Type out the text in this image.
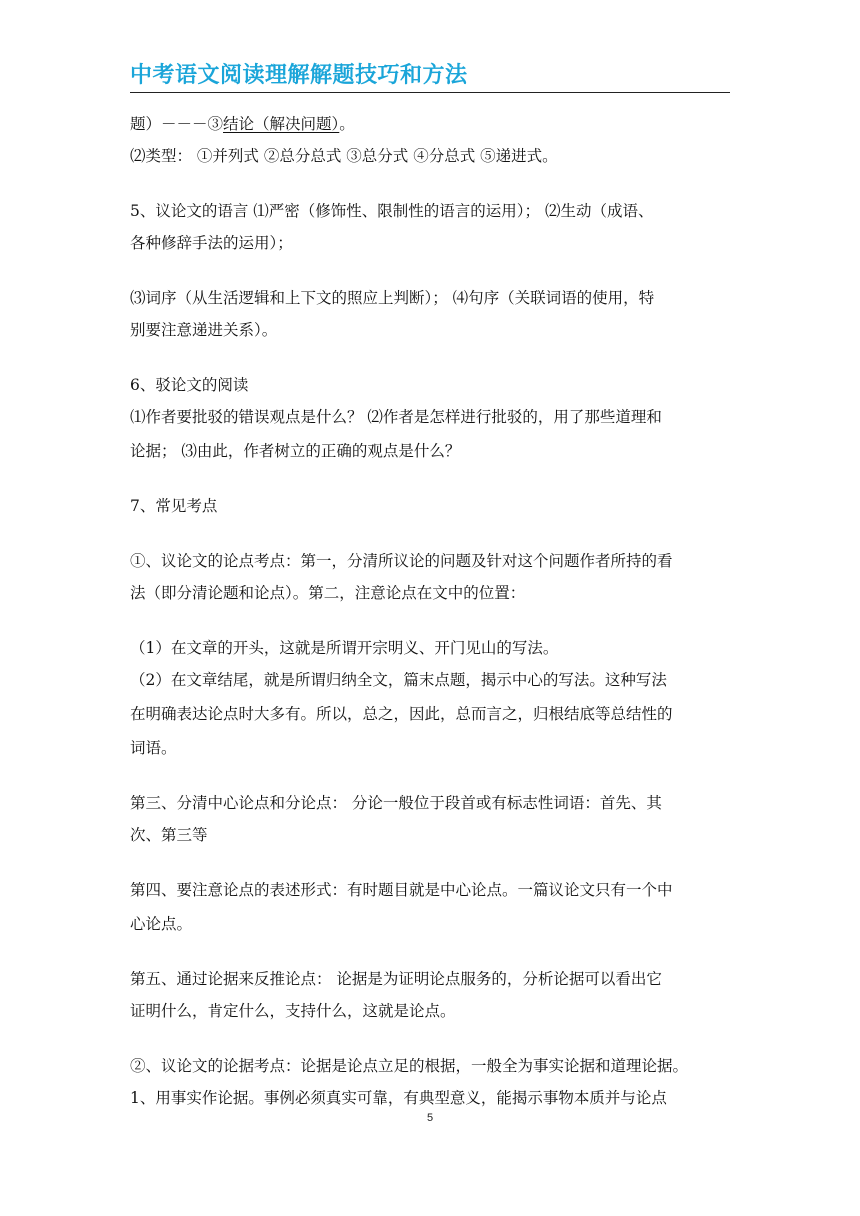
中考语文阅读理解解题技巧和方法
题）－－－③结论（解决问题）。
⑵类型： ①并列式 ②总分总式 ③总分式 ④分总式 ⑤递进式。
5、议论文的语言 ⑴严密（修饰性、限制性的语言的运用）； ⑵生动（成语、
各种修辞手法的运用）；
⑶词序（从生活逻辑和上下文的照应上判断）； ⑷句序（关联词语的使用，特
别要注意递进关系）。
6、驳论文的阅读
⑴作者要批驳的错误观点是什么？ ⑵作者是怎样进行批驳的，用了那些道理和
论据； ⑶由此，作者树立的正确的观点是什么？
7、常见考点
①、议论文的论点考点：第一，分清所议论的问题及针对这个问题作者所持的看
法（即分清论题和论点）。第二，注意论点在文中的位置：
（1）在文章的开头，这就是所谓开宗明义、开门见山的写法。
（2）在文章结尾，就是所谓归纳全文，篇末点题，揭示中心的写法。这种写法
在明确表达论点时大多有。所以，总之，因此，总而言之，归根结底等总结性的
词语。
第三、分清中心论点和分论点： 分论一般位于段首或有标志性词语：首先、其
次、第三等
第四、要注意论点的表述形式：有时题目就是中心论点。一篇议论文只有一个中
心论点。
第五、通过论据来反推论点： 论据是为证明论点服务的，分析论据可以看出它
证明什么，肯定什么，支持什么，这就是论点。
②、议论文的论据考点：论据是论点立足的根据，一般全为事实论据和道理论据。
1、用事实作论据。事例必须真实可靠，有典型意义，能揭示事物本质并与论点
5
